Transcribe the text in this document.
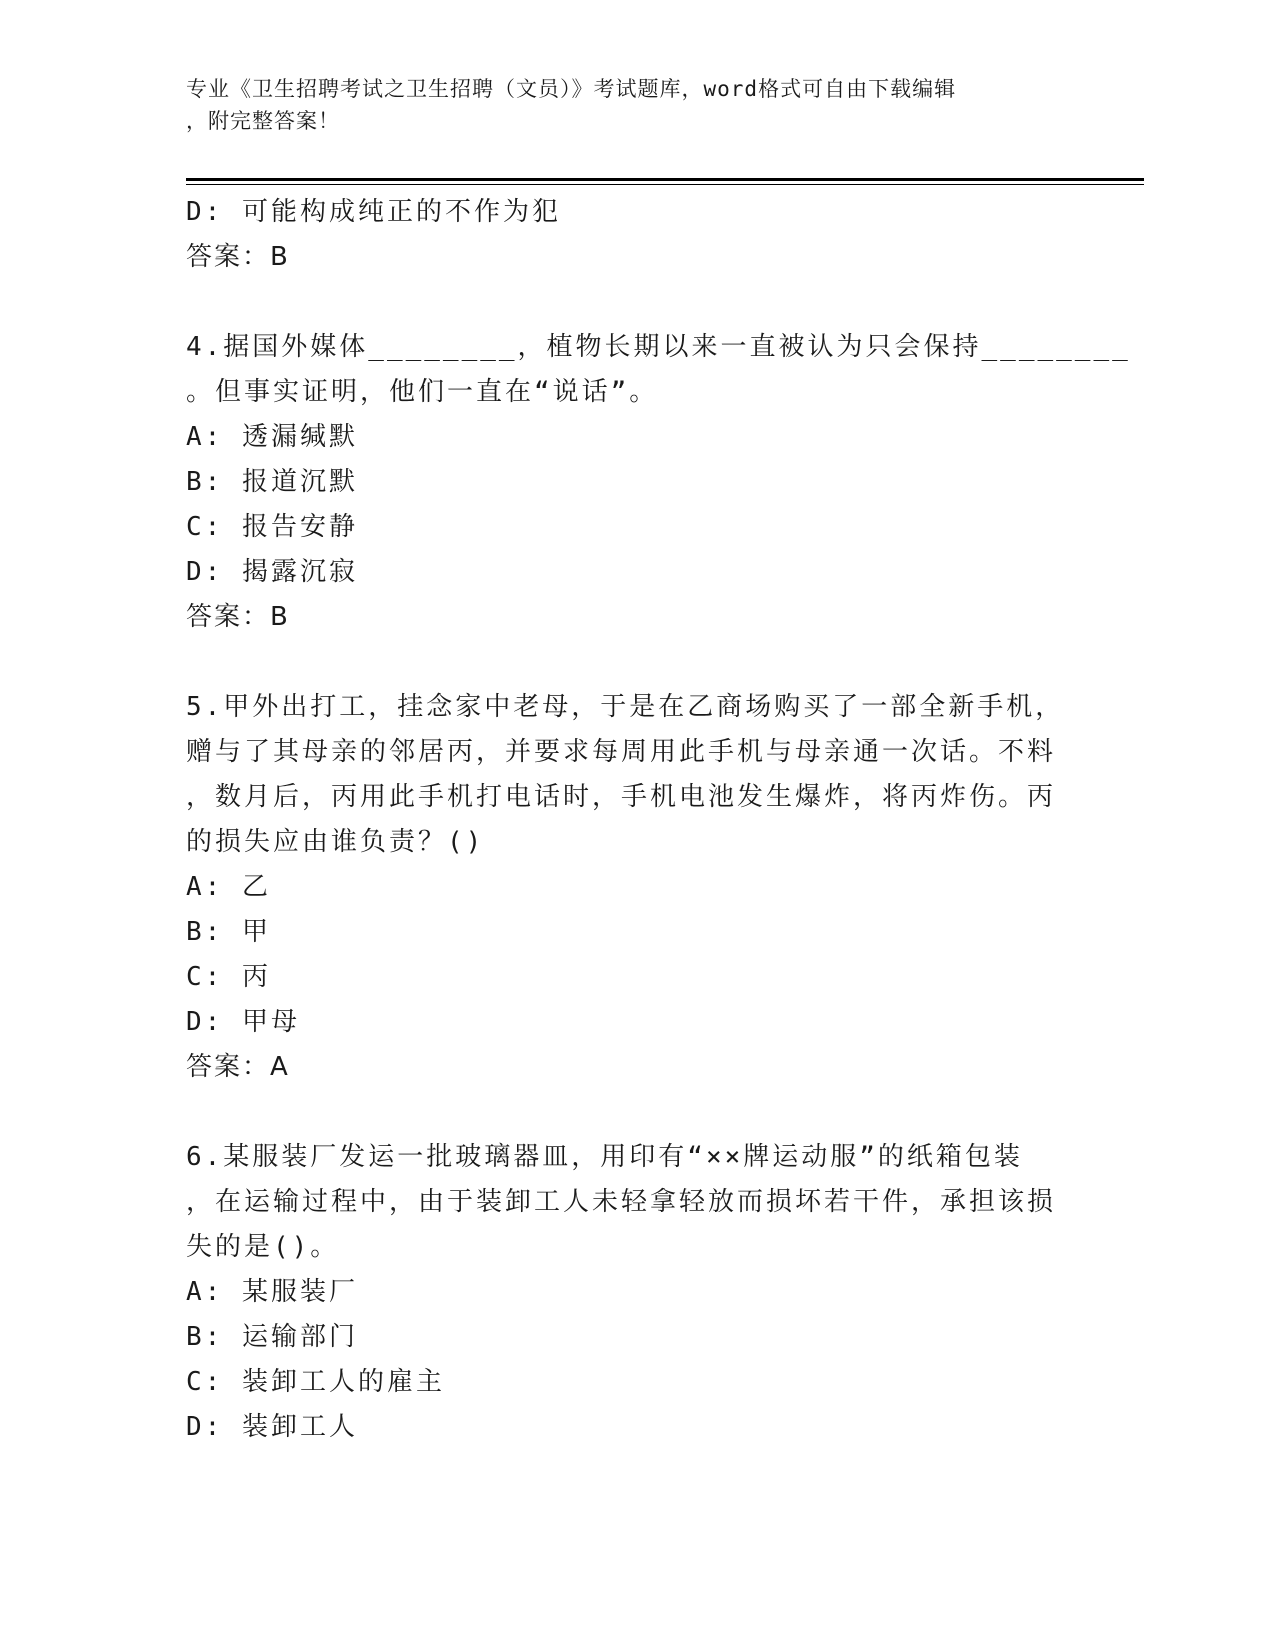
专业《卫生招聘考试之卫生招聘（文员）》考试题库，word格式可自由下载编辑
，附完整答案！
D: 可能构成纯正的不作为犯
答案：B
4.据国外媒体________，植物长期以来一直被认为只会保持________
。但事实证明，他们一直在“说话”。
A: 透漏缄默
B: 报道沉默
C: 报告安静
D: 揭露沉寂
答案：B
5.甲外出打工，挂念家中老母，于是在乙商场购买了一部全新手机，
赠与了其母亲的邻居丙，并要求每周用此手机与母亲通一次话。不料
，数月后，丙用此手机打电话时，手机电池发生爆炸，将丙炸伤。丙
的损失应由谁负责？()
A: 乙
B: 甲
C: 丙
D: 甲母
答案：A
6.某服装厂发运一批玻璃器皿，用印有“××牌运动服”的纸箱包装
，在运输过程中，由于装卸工人未轻拿轻放而损坏若干件，承担该损
失的是()。
A: 某服装厂
B: 运输部门
C: 装卸工人的雇主
D: 装卸工人
